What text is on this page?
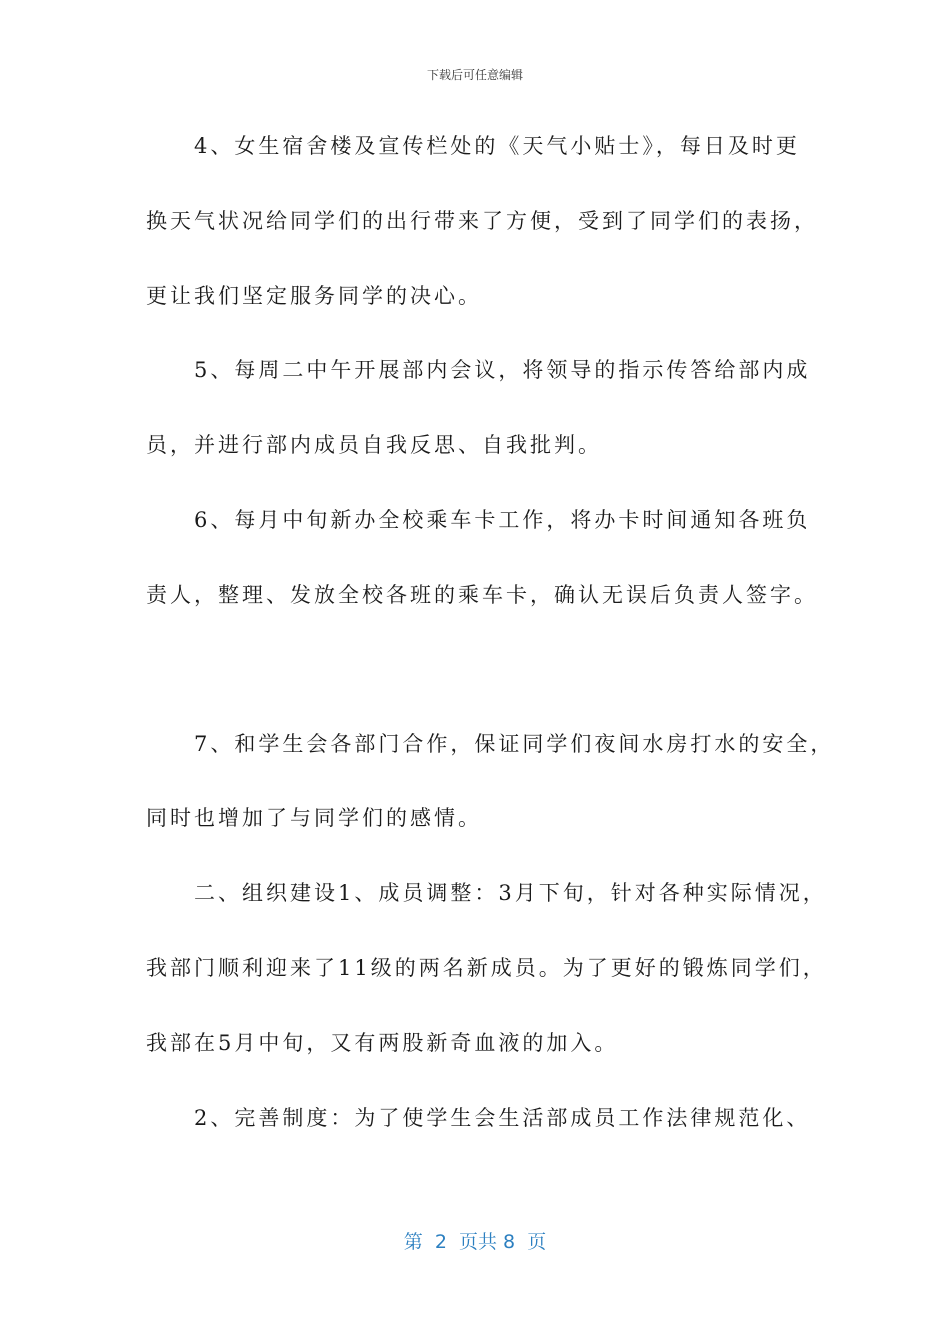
下载后可任意编辑
　　4、女生宿舍楼及宣传栏处的《天气小贴士》，每日及时更
换天气状况给同学们的出行带来了方便，受到了同学们的表扬，
更让我们坚定服务同学的决心。
　　5、每周二中午开展部内会议，将领导的指示传答给部内成
员，并进行部内成员自我反思、自我批判。
　　6、每月中旬新办全校乘车卡工作，将办卡时间通知各班负
责人，整理、发放全校各班的乘车卡，确认无误后负责人签字。
　　7、和学生会各部门合作，保证同学们夜间水房打水的安全，
同时也增加了与同学们的感情。
　　二、组织建设1、成员调整：3月下旬，针对各种实际情况，
我部门顺利迎来了11级的两名新成员。为了更好的锻炼同学们，
我部在5月中旬，又有两股新奇血液的加入。
　　2、完善制度：为了使学生会生活部成员工作法律规范化、
第  2  页共 8  页
